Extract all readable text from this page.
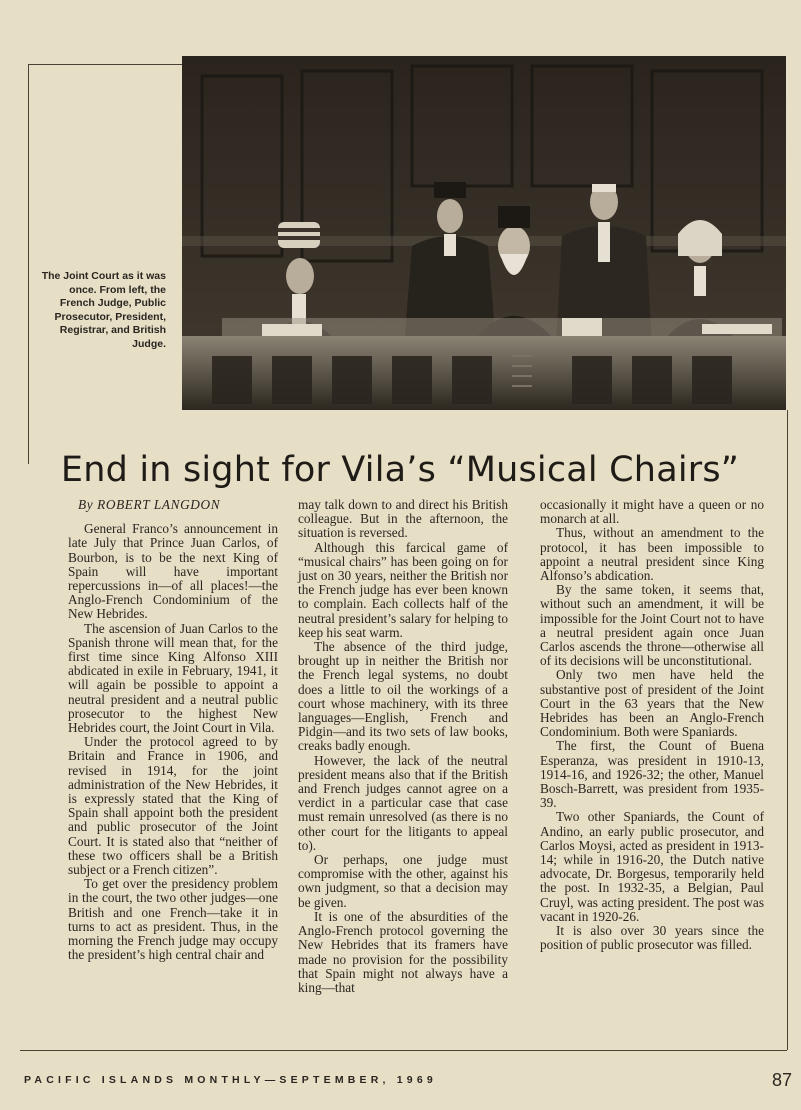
The Joint Court as it was once. From left, the French Judge, Public Prosecutor, President, Registrar, and British Judge.
End in sight for Vila’s “Musical Chairs”
By ROBERT LANGDON

General Franco’s announcement in late July that Prince Juan Carlos, of Bourbon, is to be the next King of Spain will have important repercussions in—of all places!—the Anglo-French Condominium of the New Hebrides.

The ascension of Juan Carlos to the Spanish throne will mean that, for the first time since King Alfonso XIII abdicated in exile in February, 1941, it will again be possible to appoint a neutral president and a neutral public prosecutor to the highest New Hebrides court, the Joint Court in Vila.

Under the protocol agreed to by Britain and France in 1906, and revised in 1914, for the joint administration of the New Hebrides, it is expressly stated that the King of Spain shall appoint both the president and public prosecutor of the Joint Court. It is stated also that “neither of these two officers shall be a British subject or a French citizen”.

To get over the presidency problem in the court, the two other judges—one British and one French—take it in turns to act as president. Thus, in the morning the French judge may occupy the president’s high central chair and

may talk down to and direct his British colleague. But in the afternoon, the situation is reversed.

Although this farcical game of “musical chairs” has been going on for just on 30 years, neither the British nor the French judge has ever been known to complain. Each collects half of the neutral president’s salary for helping to keep his seat warm.

The absence of the third judge, brought up in neither the British nor the French legal systems, no doubt does a little to oil the workings of a court whose machinery, with its three languages—English, French and Pidgin—and its two sets of law books, creaks badly enough.

However, the lack of the neutral president means also that if the British and French judges cannot agree on a verdict in a particular case that case must remain unresolved (as there is no other court for the litigants to appeal to).

Or perhaps, one judge must compromise with the other, against his own judgment, so that a decision may be given.

It is one of the absurdities of the Anglo-French protocol governing the New Hebrides that its framers have made no provision for the possibility that Spain might not always have a king—that

occasionally it might have a queen or no monarch at all.

Thus, without an amendment to the protocol, it has been impossible to appoint a neutral president since King Alfonso’s abdication.

By the same token, it seems that, without such an amendment, it will be impossible for the Joint Court not to have a neutral president again once Juan Carlos ascends the throne—otherwise all of its decisions will be unconstitutional.

Only two men have held the substantive post of president of the Joint Court in the 63 years that the New Hebrides has been an Anglo-French Condominium. Both were Spaniards.

The first, the Count of Buena Esperanza, was president in 1910-13, 1914-16, and 1926-32; the other, Manuel Bosch-Barrett, was president from 1935-39.

Two other Spaniards, the Count of Andino, an early public prosecutor, and Carlos Moysi, acted as president in 1913-14; while in 1916-20, the Dutch native advocate, Dr. Borgesus, temporarily held the post. In 1932-35, a Belgian, Paul Cruyl, was acting president. The post was vacant in 1920-26.

It is also over 30 years since the position of public prosecutor was filled.

PACIFIC ISLANDS MONTHLY—SEPTEMBER, 1969	87
